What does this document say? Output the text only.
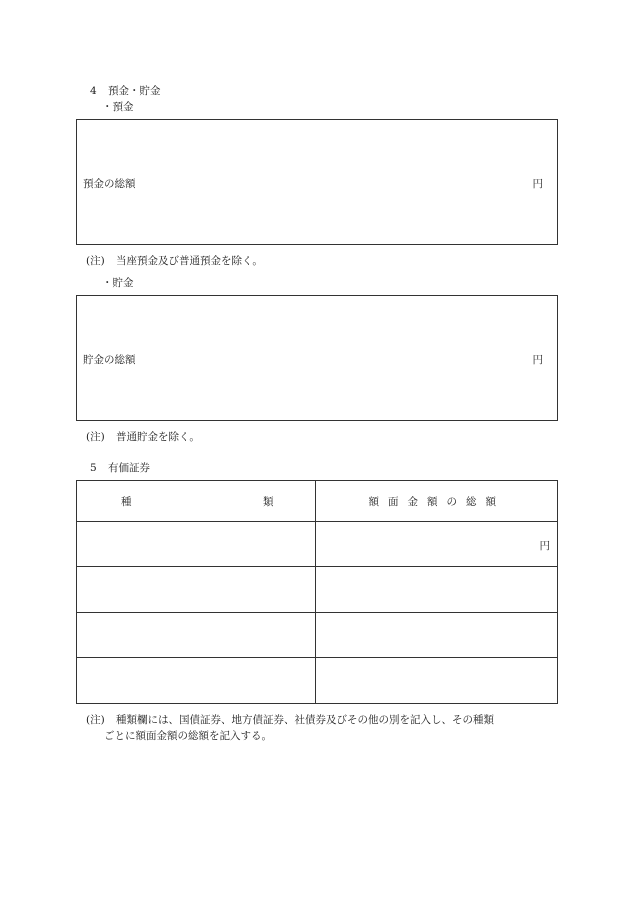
4 預金・貯金
・預金
預金の総額	円
(注) 当座預金及び普通預金を除く。
・貯金
貯金の総額	円
(注) 普通貯金を除く。
5 有価証券
種 類	額面金額の総額

	円

(注) 種類欄には、国債証券、地方債証券、社債券及びその他の別を記入し、その種類
ごとに額面金額の総額を記入する。
